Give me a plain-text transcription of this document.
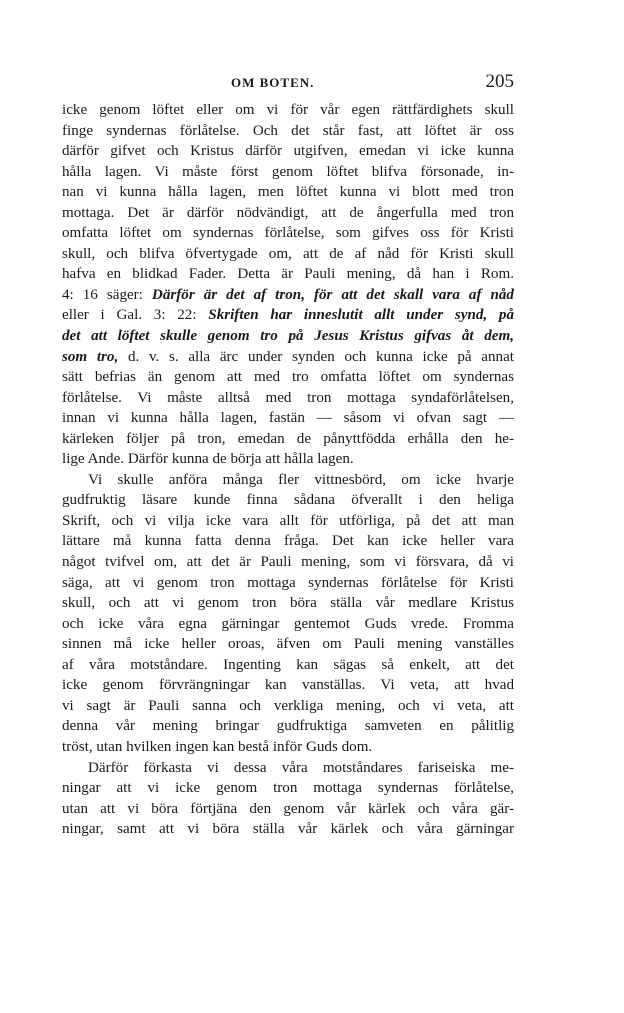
OM BOTEN.	205
icke genom löftet eller om vi för vår egen rättfärdighets skull
finge syndernas förlåtelse. Och det står fast, att löftet är oss
därför gifvet och Kristus därför utgifven, emedan vi icke kunna
hålla lagen. Vi måste först genom löftet blifva försonade, in-
nan vi kunna hålla lagen, men löftet kunna vi blott med tron
mottaga. Det är därför nödvändigt, att de ångerfulla med tron
omfatta löftet om syndernas förlåtelse, som gifves oss för Kristi
skull, och blifva öfvertygade om, att de af nåd för Kristi skull
hafva en blidkad Fader. Detta är Pauli mening, då han i Rom.
4: 16 säger: Därför är det af tron, för att det skall vara af nåd
eller i Gal. 3: 22: Skriften har inneslutit allt under synd, på
det att löftet skulle genom tro på Jesus Kristus gifvas åt dem,
som tro, d. v. s. alla ärc under synden och kunna icke på annat
sätt befrias än genom att med tro omfatta löftet om syndernas
förlåtelse. Vi måste alltså med tron mottaga syndaförlåtelsen,
innan vi kunna hålla lagen, fastän — såsom vi ofvan sagt —
kärleken följer på tron, emedan de pånyttfödda erhålla den he-
lige Ande. Därför kunna de börja att hålla lagen.
Vi skulle anföra många fler vittnesbörd, om icke hvarje
gudfruktig läsare kunde finna sådana öfverallt i den heliga
Skrift, och vi vilja icke vara allt för utförliga, på det att man
lättare må kunna fatta denna fråga. Det kan icke heller vara
något tvifvel om, att det är Pauli mening, som vi försvara, då vi
säga, att vi genom tron mottaga syndernas förlåtelse för Kristi
skull, och att vi genom tron böra ställa vår medlare Kristus
och icke våra egna gärningar gentemot Guds vrede. Fromma
sinnen må icke heller oroas, äfven om Pauli mening vanställes
af våra motståndare. Ingenting kan sägas så enkelt, att det
icke genom förvrängningar kan vanställas. Vi veta, att hvad
vi sagt är Pauli sanna och verkliga mening, och vi veta, att
denna vår mening bringar gudfruktiga samveten en pålitlig
tröst, utan hvilken ingen kan bestå inför Guds dom.
Därför förkasta vi dessa våra motståndares fariseiska me-
ningar att vi icke genom tron mottaga syndernas förlåtelse,
utan att vi böra förtjäna den genom vår kärlek och våra gär-
ningar, samt att vi böra ställa vår kärlek och våra gärningar
